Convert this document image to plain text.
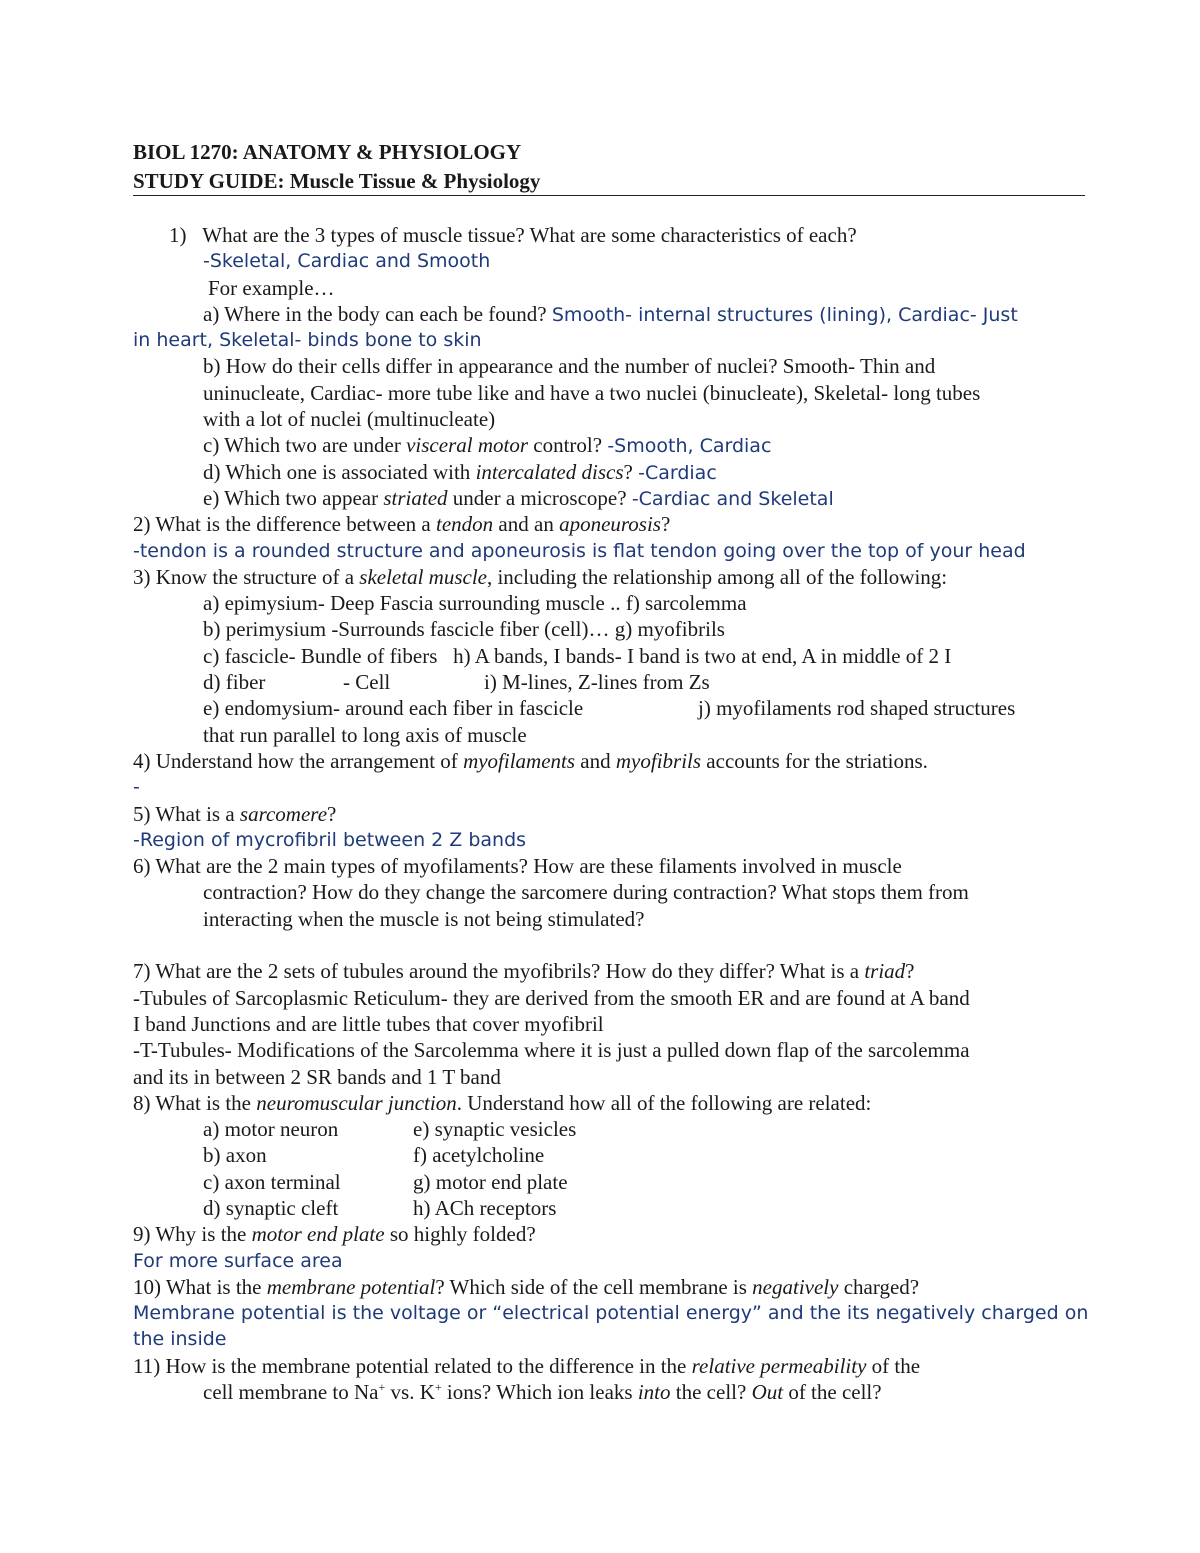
BIOL 1270: ANATOMY & PHYSIOLOGY
STUDY GUIDE: Muscle Tissue & Physiology
1)   What are the 3 types of muscle tissue? What are some characteristics of each?
-Skeletal, Cardiac and Smooth
For example…
a) Where in the body can each be found? Smooth- internal structures (lining), Cardiac- Just
in heart, Skeletal- binds bone to skin
b) How do their cells differ in appearance and the number of nuclei? Smooth- Thin and
uninucleate, Cardiac- more tube like and have a two nuclei (binucleate), Skeletal- long tubes
with a lot of nuclei (multinucleate)
c) Which two are under visceral motor control? -Smooth, Cardiac
d) Which one is associated with intercalated discs? -Cardiac
e) Which two appear striated under a microscope? -Cardiac and Skeletal
2) What is the difference between a tendon and an aponeurosis?
-tendon is a rounded structure and aponeurosis is flat tendon going over the top of your head
3) Know the structure of a skeletal muscle, including the relationship among all of the following:
a) epimysium- Deep Fascia surrounding muscle .. f) sarcolemma
b) perimysium -Surrounds fascicle fiber (cell)… g) myofibrils
c) fascicle- Bundle of fibers   h) A bands, I bands- I band is two at end, A in middle of 2 I
d) fiber	- Cell	i) M-lines, Z-lines from Zs
e) endomysium- around each fiber in fascicle	j) myofilaments rod shaped structures
that run parallel to long axis of muscle
4) Understand how the arrangement of myofilaments and myofibrils accounts for the striations.
-
5) What is a sarcomere?
-Region of mycrofibril between 2 Z bands
6) What are the 2 main types of myofilaments? How are these filaments involved in muscle
contraction? How do they change the sarcomere during contraction? What stops them from
interacting when the muscle is not being stimulated?
7) What are the 2 sets of tubules around the myofibrils? How do they differ? What is a triad?
-Tubules of Sarcoplasmic Reticulum- they are derived from the smooth ER and are found at A band
I band Junctions and are little tubes that cover myofibril
-T-Tubules- Modifications of the Sarcolemma where it is just a pulled down flap of the sarcolemma
and its in between 2 SR bands and 1 T band
8) What is the neuromuscular junction. Understand how all of the following are related:
a) motor neuron	e) synaptic vesicles
b) axon	f) acetylcholine
c) axon terminal	g) motor end plate
d) synaptic cleft	h) ACh receptors
9) Why is the motor end plate so highly folded?
For more surface area
10) What is the membrane potential? Which side of the cell membrane is negatively charged?
Membrane potential is the voltage or “electrical potential energy” and the its negatively charged on
the inside
11) How is the membrane potential related to the difference in the relative permeability of the
cell membrane to Na+ vs. K+ ions? Which ion leaks into the cell? Out of the cell?
